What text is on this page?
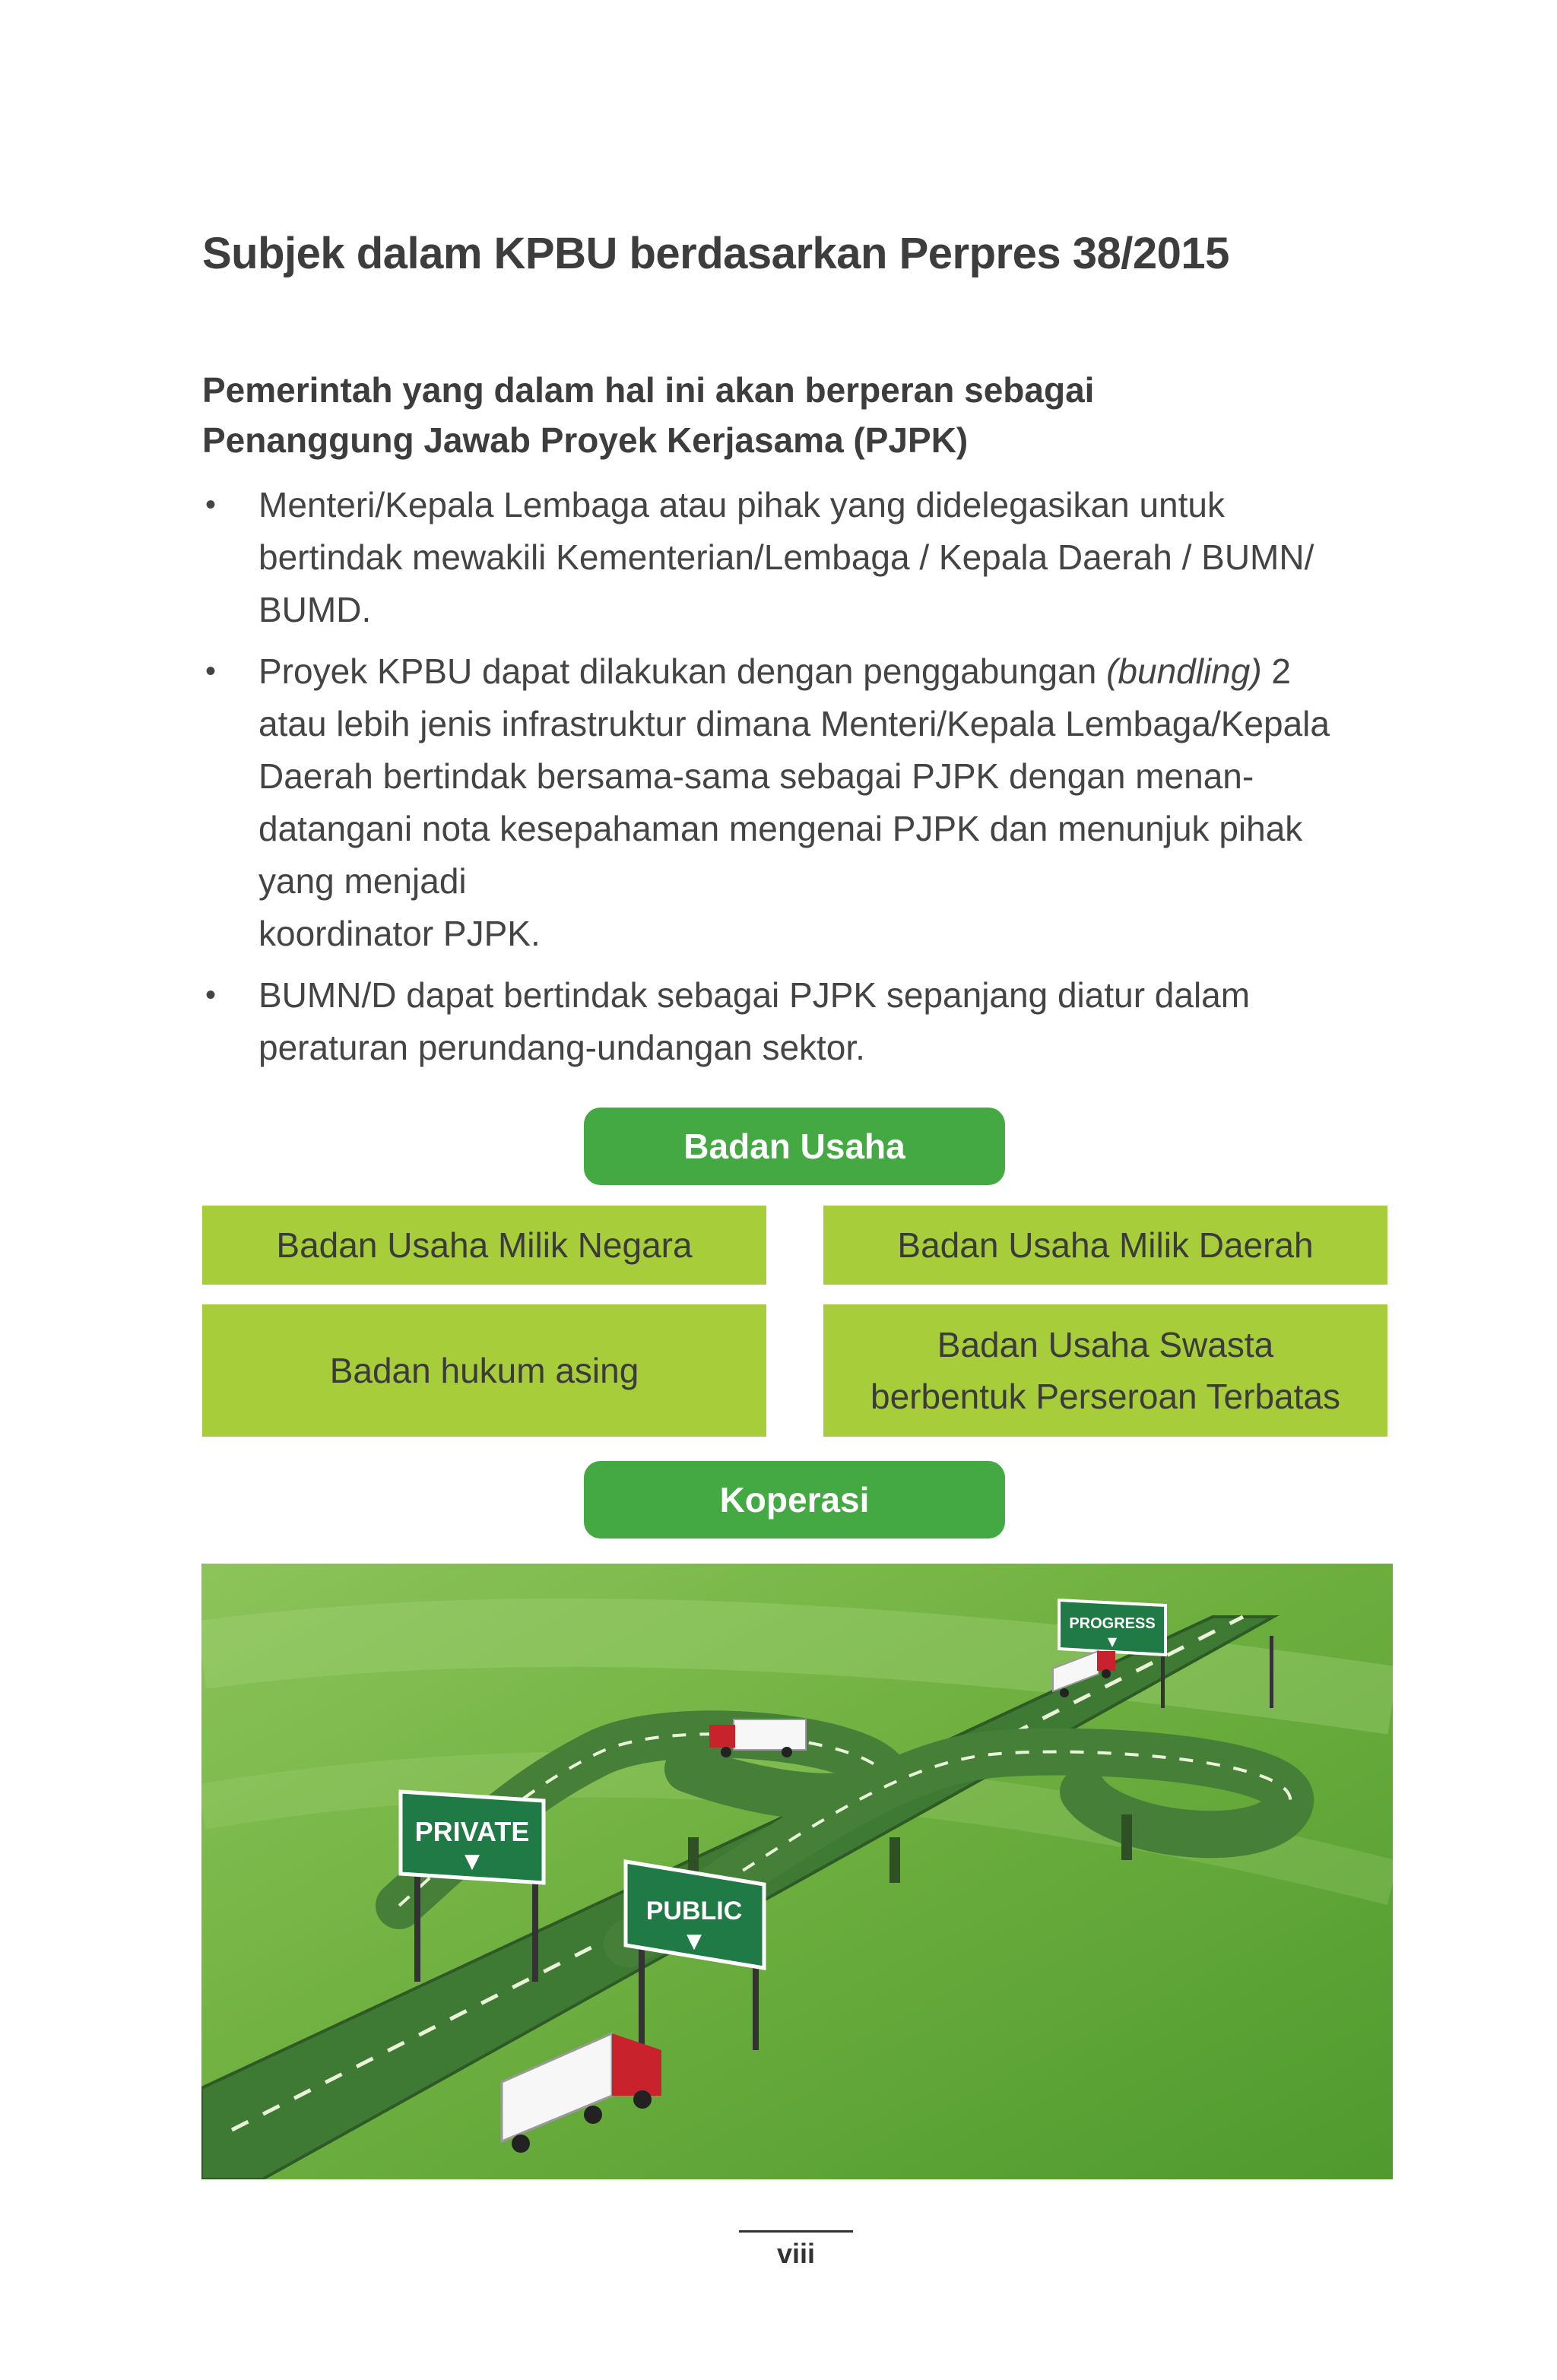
Subjek dalam KPBU berdasarkan Perpres 38/2015

Pemerintah yang dalam hal ini akan berperan sebagai
Penanggung Jawab Proyek Kerjasama (PJPK)

• Menteri/Kepala Lembaga atau pihak yang didelegasikan untuk
bertindak mewakili Kementerian/Lembaga / Kepala Daerah / BUMN/
BUMD.
• Proyek KPBU dapat dilakukan dengan penggabungan (bundling) 2
atau lebih jenis infrastruktur dimana Menteri/Kepala Lembaga/Kepala
Daerah bertindak bersama-sama sebagai PJPK dengan menan-
datangani nota kesepahaman mengenai PJPK dan menunjuk pihak
yang menjadi
koordinator PJPK.
• BUMN/D dapat bertindak sebagai PJPK sepanjang diatur dalam
peraturan perundang-undangan sektor.
Badan Usaha
Badan Usaha Milik Negara	Badan Usaha Milik Daerah
Badan hukum asing
Badan Usaha Swasta
berbentuk Perseroan Terbatas
Koperasi
PRIVATE
▼
PUBLIC
▼
PROGRESS
▼
viii
